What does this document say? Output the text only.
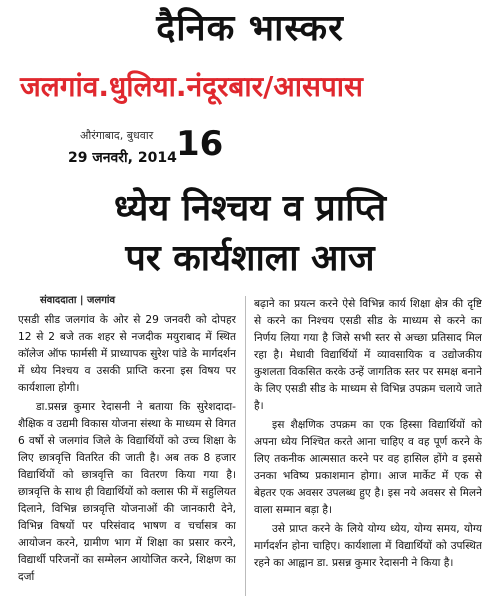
दैनिक भास्कर
जलगांव.धुलिया.नंदूरबार/आसपास
औरंगाबाद, बुधवार
29 जनवरी, 2014 16
ध्येय निश्चय व प्राप्ति
पर कार्यशाला आज
संवाददाता | जलगांव

एसडी सीड जलगांव के ओर से 29 जनवरी को दोपहर 12 से 2 बजे तक शहर से नजदीक मयुराबाद में स्थित कॉलेज ऑफ फार्मसी में प्राध्यापक सुरेश पांडे के मार्गदर्शन में ध्येय निश्चय व उसकी प्राप्ति करना इस विषय पर कार्यशाला होगी।

डा.प्रसन्न कुमार रेदासनी ने बताया कि सुरेशदादा-शैक्षिक व उद्यमी विकास योजना संस्था के माध्यम से विगत 6 वर्षो से जलगांव जिले के विद्यार्थियों को उच्च शिक्षा के लिए छात्रवृत्ति वितरित की जाती है। अब तक 8 हजार विद्यार्थियों को छात्रवृत्ति का वितरण किया गया है। छात्रवृत्ति के साथ ही विद्यार्थियों को क्लास फी में सहुलियत दिलाने, विभिन्न छात्रवृत्ति योजनाओं की जानकारी देने, विभिन्न विषयों पर परिसंवाद भाषण व चर्चासत्र का आयोजन करने, ग्रामीण भाग में शिक्षा का प्रसार करने, विद्यार्थी परिजनों का सम्मेलन आयोजित करने, शिक्षण का दर्जा

बढ़ाने का प्रयत्न करने ऐसे विभिन्न कार्य शिक्षा क्षेत्र की दृष्टि से करने का निश्चय एसडी सीड के माध्यम से करने का निर्णय लिया गया है जिसे सभी स्तर से अच्छा प्रतिसाद मिल रहा है। मेधावी विद्यार्थियों में व्यावसायिक व उद्योजकीय कुशलता विकसित करके उन्हें जागतिक स्तर पर समक्ष बनाने के लिए एसडी सीड के माध्यम से विभिन्न उपक्रम चलाये जाते है।

इस शैक्षणिक उपक्रम का एक हिस्सा विद्यार्थियों को अपना ध्येय निश्चित करते आना चाहिए व वह पूर्ण करने के लिए तकनीक आत्मसात करने पर वह हासिल होंगे व इससे उनका भविष्य प्रकाशमान होगा। आज मार्केट में एक से बेहतर एक अवसर उपलब्ध हुए है। इस नये अवसर से मिलने वाला सम्मान बड़ा है।

उसे प्राप्त करने के लिये योग्य ध्येय, योग्य समय, योग्य मार्गदर्शन होना चाहिए। कार्यशाला में विद्यार्थियों को उपस्थित रहने का आह्वान डा. प्रसन्न कुमार रेदासनी ने किया है।
